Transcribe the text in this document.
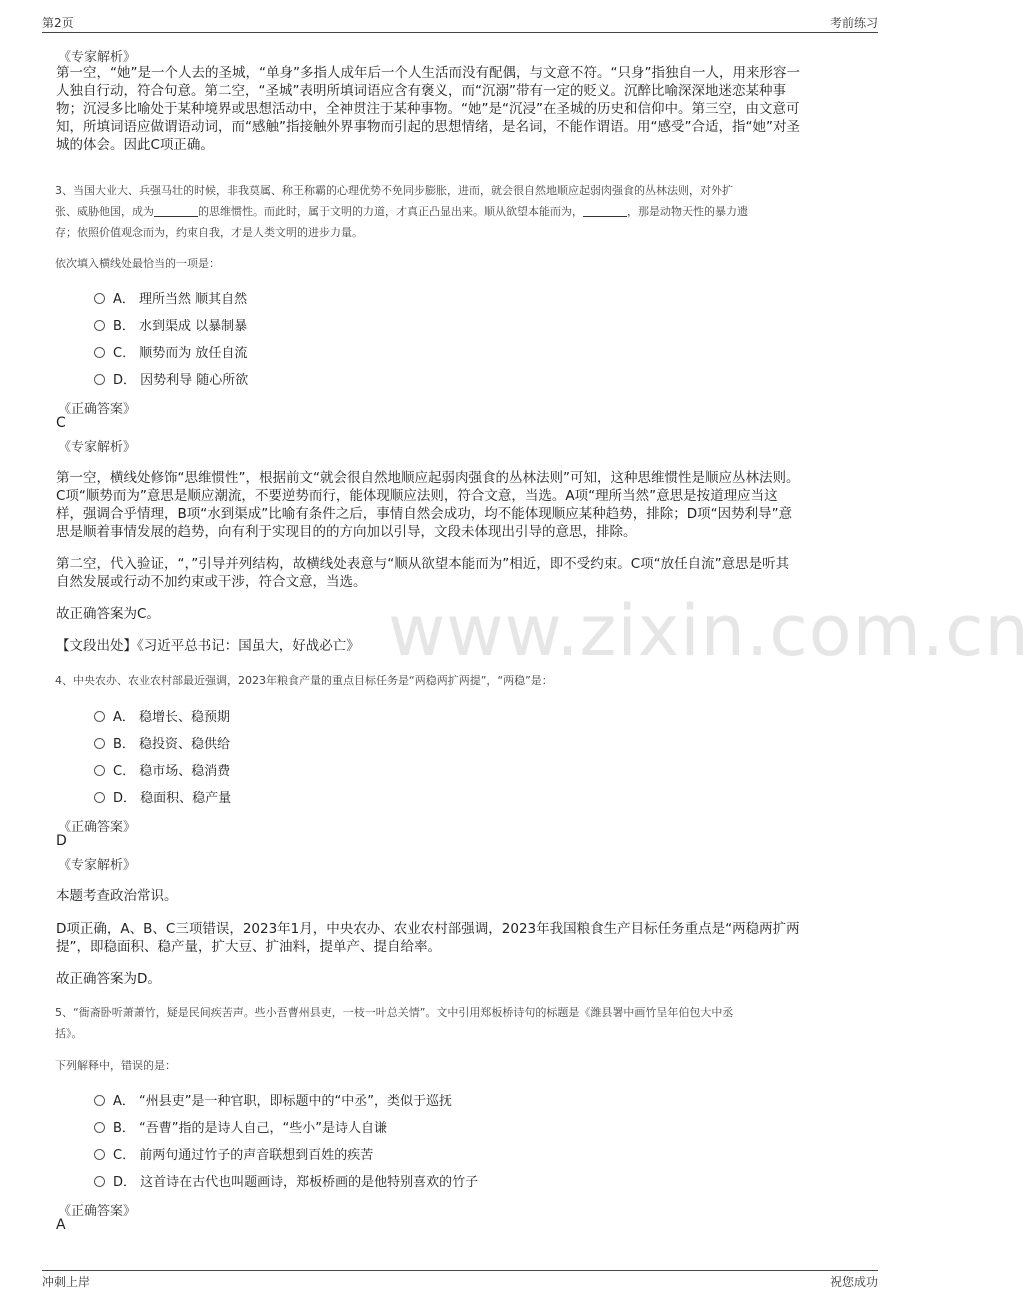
第2页	考前练习
www.zixin.com.cn
《专家解析》
第一空，“她”是一个人去的圣城，“单身”多指人成年后一个人生活而没有配偶，与文意不符。“只身”指独自一人，用来形容一
人独自行动，符合句意。第二空，“圣城”表明所填词语应含有褒义，而“沉溺”带有一定的贬义。沉醉比喻深深地迷恋某种事
物；沉浸多比喻处于某种境界或思想活动中，全神贯注于某种事物。“她”是“沉浸”在圣城的历史和信仰中。第三空，由文意可
知，所填词语应做谓语动词，而“感触”指接触外界事物而引起的思想情绪，是名词，不能作谓语。用“感受”合适，指“她”对圣
城的体会。因此C项正确。
3、当国大业大、兵强马壮的时候，非我莫属、称王称霸的心理优势不免同步膨胀，进而，就会很自然地顺应起弱肉强食的丛林法则，对外扩
张、威胁他国，成为	的思维惯性。而此时，属于文明的力道，才真正凸显出来。顺从欲望本能而为，	，那是动物天性的暴力遗
存；依照价值观念而为，约束自我，才是人类文明的进步力量。
依次填入横线处最恰当的一项是：
A． 理所当然 顺其自然
B． 水到渠成 以暴制暴
C． 顺势而为 放任自流
D． 因势利导 随心所欲
《正确答案》
C
《专家解析》
第一空，横线处修饰“思维惯性”，根据前文“就会很自然地顺应起弱肉强食的丛林法则”可知，这种思维惯性是顺应丛林法则。
C项“顺势而为”意思是顺应潮流，不要逆势而行，能体现顺应法则，符合文意，当选。A项“理所当然”意思是按道理应当这
样，强调合乎情理，B项“水到渠成”比喻有条件之后，事情自然会成功，均不能体现顺应某种趋势，排除；D项“因势利导”意
思是顺着事情发展的趋势，向有利于实现目的的方向加以引导，文段未体现出引导的意思，排除。
第二空，代入验证，“，”引导并列结构，故横线处表意与“顺从欲望本能而为”相近，即不受约束。C项“放任自流”意思是听其
自然发展或行动不加约束或干涉，符合文意，当选。
故正确答案为C。
【文段出处】《习近平总书记：国虽大，好战必亡》
4、中央农办、农业农村部最近强调，2023年粮食产量的重点目标任务是“两稳两扩两提”，“两稳”是：
A． 稳增长、稳预期
B． 稳投资、稳供给
C． 稳市场、稳消费
D． 稳面积、稳产量
《正确答案》
D
《专家解析》
本题考查政治常识。
D项正确，A、B、C三项错误，2023年1月，中央农办、农业农村部强调，2023年我国粮食生产目标任务重点是“两稳两扩两
提”，即稳面积、稳产量，扩大豆、扩油料，提单产、提自给率。
故正确答案为D。
5、“衙斋卧听萧萧竹，疑是民间疾苦声。些小吾曹州县吏，一枝一叶总关情”。文中引用郑板桥诗句的标题是《潍县署中画竹呈年伯包大中丞
括》。
下列解释中，错误的是：
A． “州县吏”是一种官职，即标题中的“中丞”，类似于巡抚
B． “吾曹”指的是诗人自己，“些小”是诗人自谦
C． 前两句通过竹子的声音联想到百姓的疾苦
D． 这首诗在古代也叫题画诗，郑板桥画的是他特别喜欢的竹子
《正确答案》
A
冲刺上岸	祝您成功
